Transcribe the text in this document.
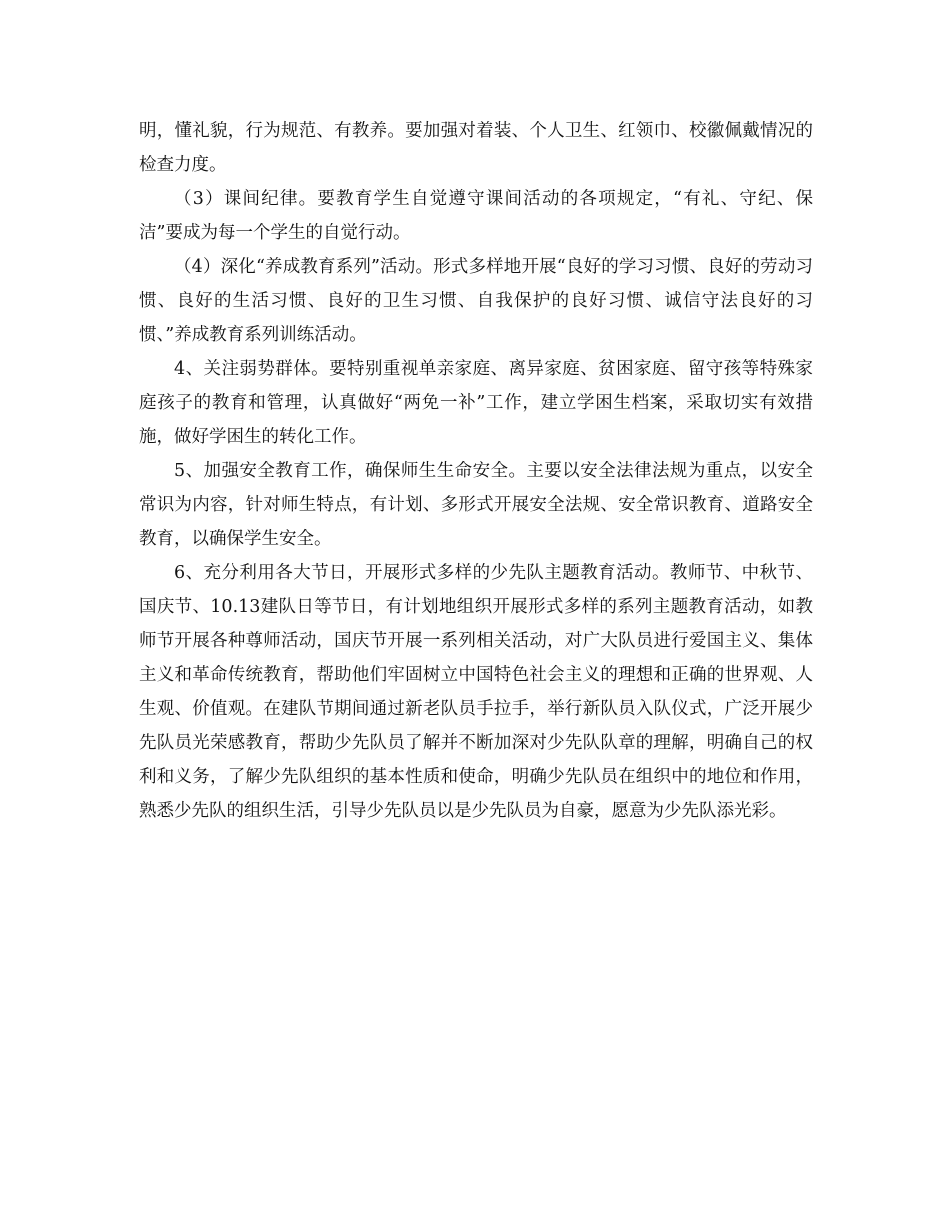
明，懂礼貌，行为规范、有教养。要加强对着装、个人卫生、红领巾、校徽佩戴情况的检查力度。

（3）课间纪律。要教育学生自觉遵守课间活动的各项规定，“有礼、守纪、保洁”要成为每一个学生的自觉行动。

（4）深化“养成教育系列”活动。形式多样地开展“良好的学习习惯、良好的劳动习惯、良好的生活习惯、良好的卫生习惯、自我保护的良好习惯、诚信守法良好的习惯、”养成教育系列训练活动。

4、关注弱势群体。要特别重视单亲家庭、离异家庭、贫困家庭、留守孩等特殊家庭孩子的教育和管理，认真做好“两免一补”工作，建立学困生档案，采取切实有效措施，做好学困生的转化工作。

5、加强安全教育工作，确保师生生命安全。主要以安全法律法规为重点，以安全常识为内容，针对师生特点，有计划、多形式开展安全法规、安全常识教育、道路安全教育，以确保学生安全。

6、充分利用各大节日，开展形式多样的少先队主题教育活动。教师节、中秋节、国庆节、10.13建队日等节日，有计划地组织开展形式多样的系列主题教育活动，如教师节开展各种尊师活动，国庆节开展一系列相关活动，对广大队员进行爱国主义、集体主义和革命传统教育，帮助他们牢固树立中国特色社会主义的理想和正确的世界观、人生观、价值观。在建队节期间通过新老队员手拉手，举行新队员入队仪式，广泛开展少先队员光荣感教育，帮助少先队员了解并不断加深对少先队队章的理解，明确自己的权利和义务，了解少先队组织的基本性质和使命，明确少先队员在组织中的地位和作用，熟悉少先队的组织生活，引导少先队员以是少先队员为自豪，愿意为少先队添光彩。
